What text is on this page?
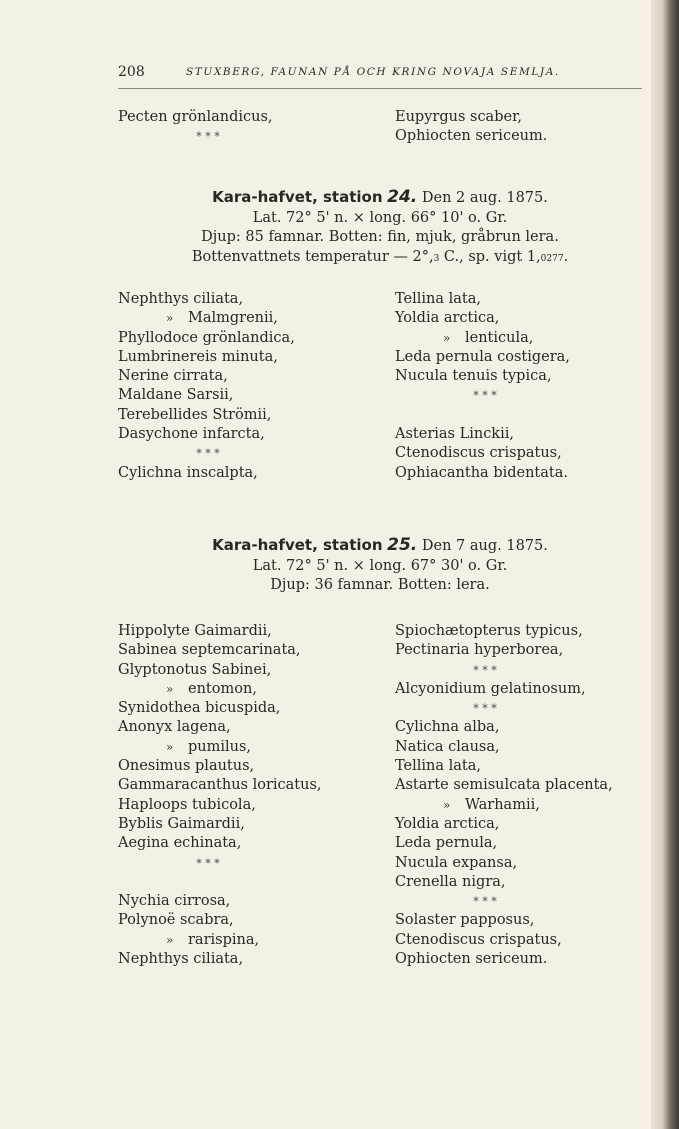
208	STUXBERG, FAUNAN PÅ OCH KRING NOVAJA SEMLJA.
Pecten grönlandicus,
* * *
Eupyrgus scaber,
Ophiocten sericeum.
Kara-hafvet, station 24. Den 2 aug. 1875.
Lat. 72° 5' n. × long. 66° 10' o. Gr.
Djup: 85 famnar. Botten: fin, mjuk, gråbrun lera.
Bottenvattnets temperatur — 2°,3 C., sp. vigt 1,0277.
Nephthys ciliata,
» Malmgrenii,
Phyllodoce grönlandica,
Lumbrinereis minuta,
Nerine cirrata,
Maldane Sarsii,
Terebellides Strömii,
Dasychone infarcta,
* * *
Cylichna inscalpta,
Tellina lata,
Yoldia arctica,
» lenticula,
Leda pernula costigera,
Nucula tenuis typica,
* * *
Asterias Linckii,
Ctenodiscus crispatus,
Ophiacantha bidentata.
Kara-hafvet, station 25. Den 7 aug. 1875.
Lat. 72° 5' n. × long. 67° 30' o. Gr.
Djup: 36 famnar. Botten: lera.
Hippolyte Gaimardii,
Sabinea septemcarinata,
Glyptonotus Sabinei,
» entomon,
Synidothea bicuspida,
Anonyx lagena,
» pumilus,
Onesimus plautus,
Gammaracanthus loricatus,
Haploops tubicola,
Byblis Gaimardii,
Aegina echinata,
* * *
Nychia cirrosa,
Polynoë scabra,
» rarispina,
Nephthys ciliata,
Spiochætopterus typicus,
Pectinaria hyperborea,
* * *
Alcyonidium gelatinosum,
* * *
Cylichna alba,
Natica clausa,
Tellina lata,
Astarte semisulcata placenta,
» Warhamii,
Yoldia arctica,
Leda pernula,
Nucula expansa,
Crenella nigra,
* * *
Solaster papposus,
Ctenodiscus crispatus,
Ophiocten sericeum.
